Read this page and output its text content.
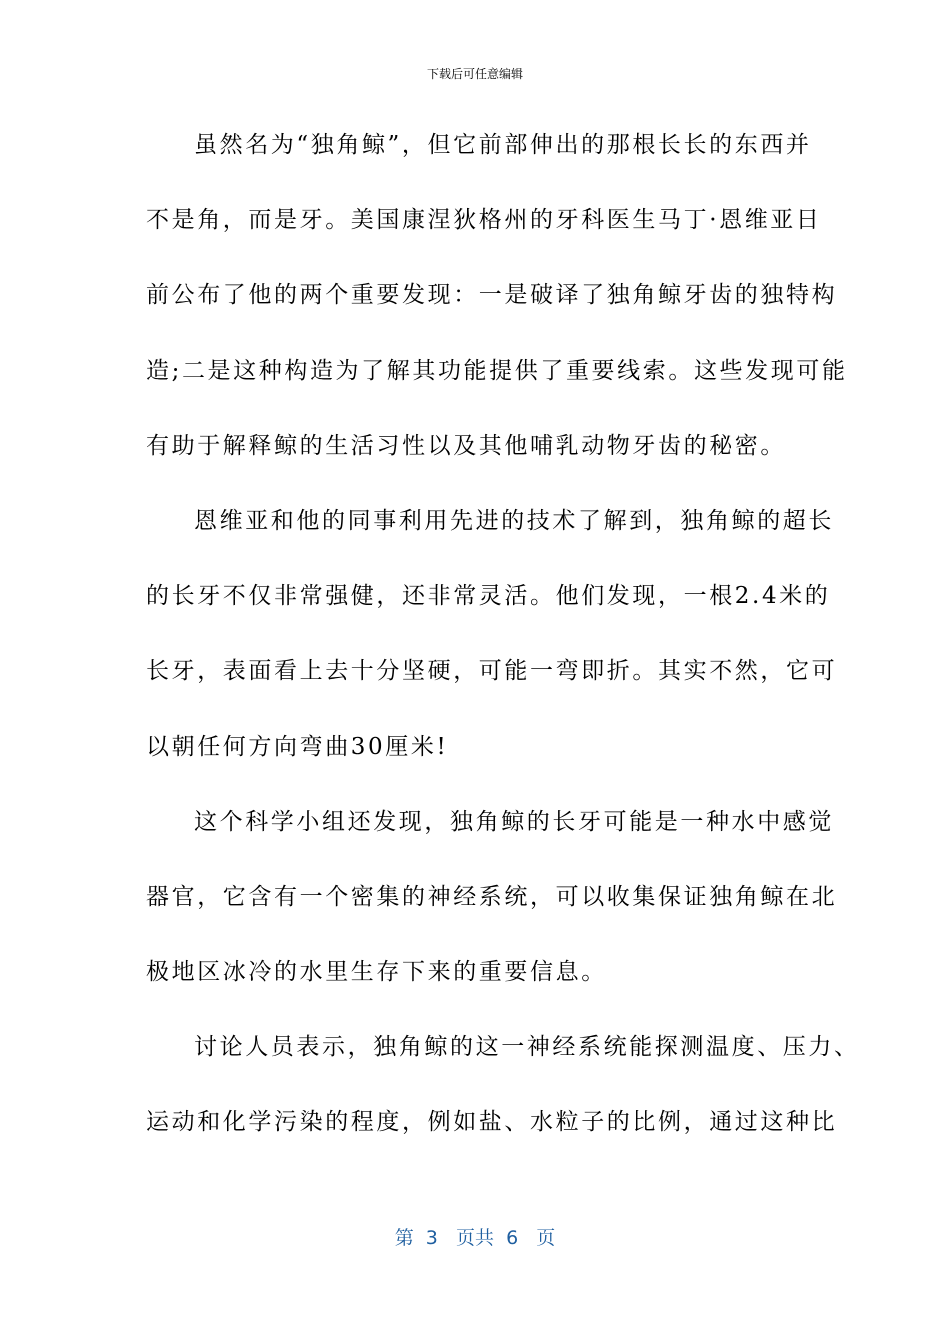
下载后可任意编辑
虽然名为“独角鲸”，但它前部伸出的那根长长的东西并
不是角，而是牙。美国康涅狄格州的牙科医生马丁·恩维亚日
前公布了他的两个重要发现：一是破译了独角鲸牙齿的独特构
造;二是这种构造为了解其功能提供了重要线索。这些发现可能
有助于解释鲸的生活习性以及其他哺乳动物牙齿的秘密。
恩维亚和他的同事利用先进的技术了解到，独角鲸的超长
的长牙不仅非常强健，还非常灵活。他们发现，一根2.4米的
长牙，表面看上去十分坚硬，可能一弯即折。其实不然，它可
以朝任何方向弯曲30厘米!
这个科学小组还发现，独角鲸的长牙可能是一种水中感觉
器官，它含有一个密集的神经系统，可以收集保证独角鲸在北
极地区冰冷的水里生存下来的重要信息。
讨论人员表示，独角鲸的这一神经系统能探测温度、压力、
运动和化学污染的程度，例如盐、水粒子的比例，通过这种比
第  3   页共  6   页
